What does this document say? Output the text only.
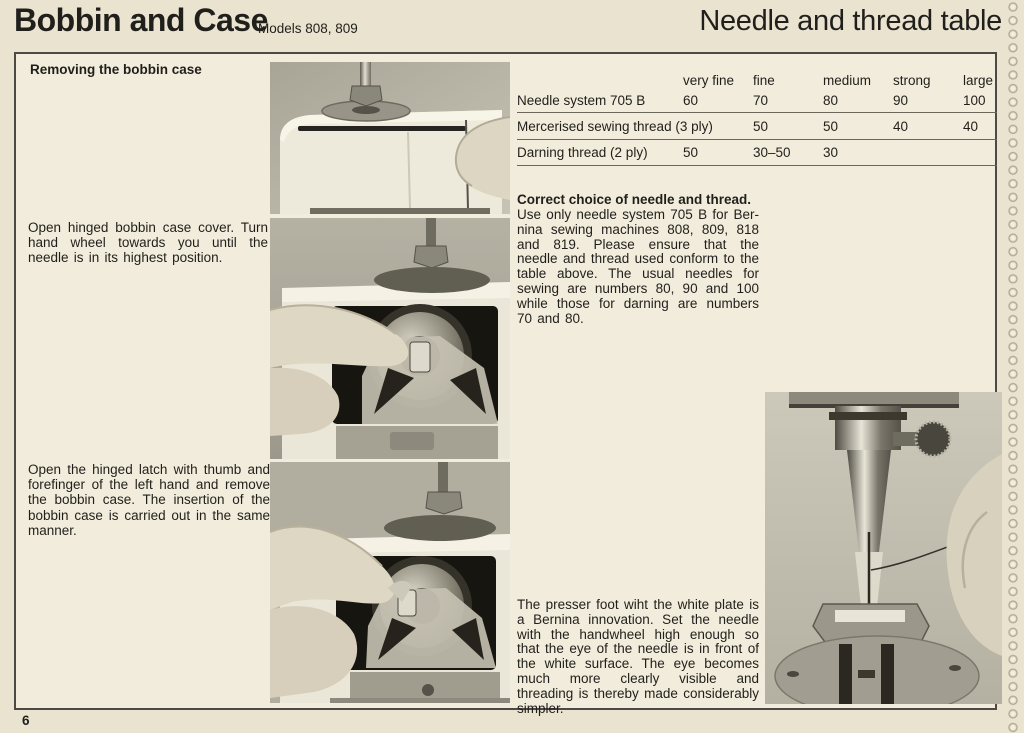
Bobbin and Case
Models 808, 809	Needle and thread table
Removing the bobbin case

Open hinged bobbin case cover. Turn hand wheel towards you until the needle is in its highest position.

Open the hinged latch with thumb and forefinger of the left hand and remove the bobbin case. The insertion of the bobbin case is carried out in the same manner.

	very fine	fine	medium	strong	large
Needle system 705 B	60	70	80	90	100
Mercerised sewing thread (3 ply)		50	50	40	40
Darning thread (2 ply)	50	30–50	30		
Correct choice of needle and thread.

Use only needle system 705 B for Bernina sewing machines 808, 809, 818 and 819. Please ensure that the needle and thread used conform to the table above. The usual needles for sewing are numbers 80, 90 and 100 while those for darning are numbers 70 and 80.

The presser foot wiht the white plate is a Bernina innovation. Set the needle with the handwheel high enough so that the eye of the needle is in front of the white surface. The eye becomes much more clearly visible and threading is thereby made considerably simpler.

6
